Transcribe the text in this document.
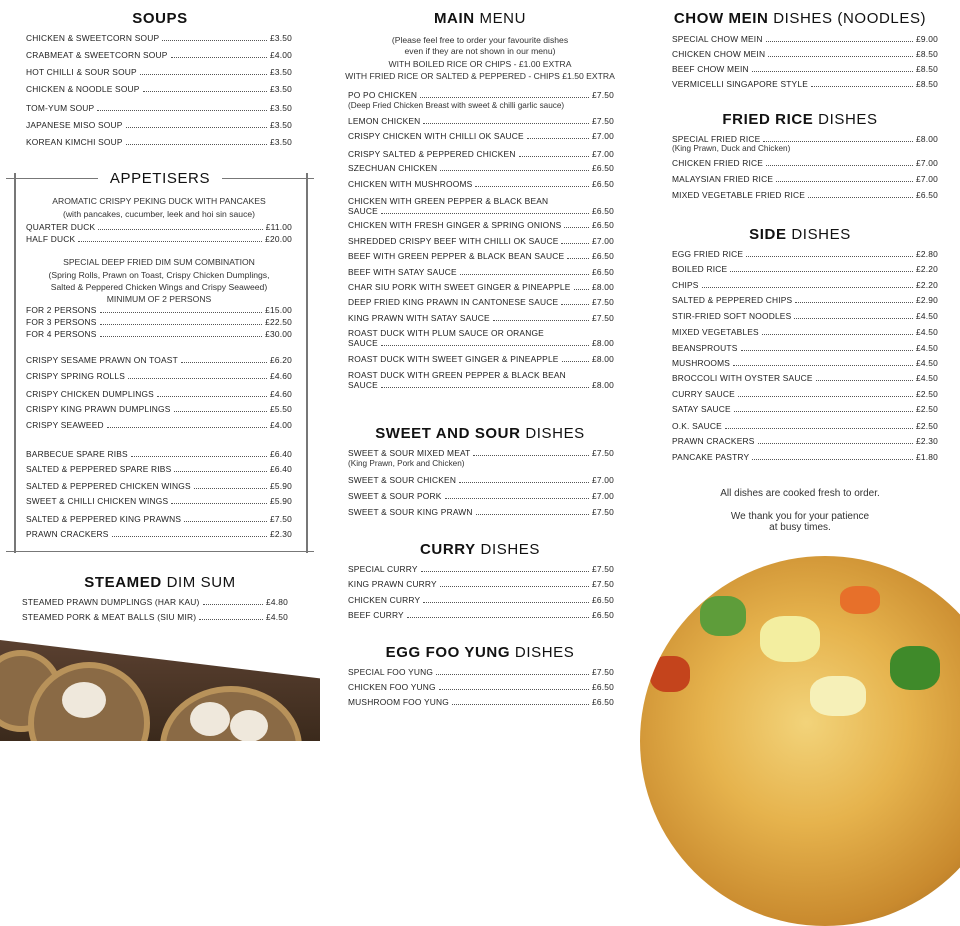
SOUPS
CHICKEN & SWEETCORN SOUP	£3.50
CRABMEAT & SWEETCORN SOUP	£4.00
HOT CHILLI & SOUR SOUP	£3.50
CHICKEN & NOODLE SOUP	£3.50
TOM-YUM SOUP	£3.50
JAPANESE MISO SOUP	£3.50
KOREAN KIMCHI SOUP	£3.50
APPETISERS
AROMATIC CRISPY PEKING DUCK WITH PANCAKES
(with pancakes, cucumber, leek and hoi sin sauce)
QUARTER DUCK	£11.00
HALF DUCK	£20.00
SPECIAL DEEP FRIED DIM SUM COMBINATION
(Spring Rolls, Prawn on Toast, Crispy Chicken Dumplings,
Salted & Peppered Chicken Wings and Crispy Seaweed)
MINIMUM OF 2 PERSONS
FOR 2 PERSONS	£15.00
FOR 3 PERSONS	£22.50
FOR 4 PERSONS	£30.00
CRISPY SESAME PRAWN ON TOAST	£6.20
CRISPY SPRING ROLLS	£4.60
CRISPY CHICKEN DUMPLINGS	£4.60
CRISPY KING PRAWN DUMPLINGS	£5.50
CRISPY SEAWEED	£4.00
BARBECUE SPARE RIBS	£6.40
SALTED & PEPPERED SPARE RIBS	£6.40
SALTED & PEPPERED CHICKEN WINGS	£5.90
SWEET & CHILLI CHICKEN WINGS	£5.90
SALTED & PEPPERED KING PRAWNS	£7.50
PRAWN CRACKERS	£2.30
STEAMED DIM SUM
STEAMED PRAWN DUMPLINGS (HAR KAU)	£4.80
STEAMED PORK & MEAT BALLS (SIU MIR)	£4.50
MAIN MENU
(Please feel free to order your favourite dishes
even if they are not shown in our menu)
WITH BOILED RICE OR CHIPS - £1.00 EXTRA
WITH FRIED RICE OR SALTED & PEPPERED - CHIPS £1.50 EXTRA
PO PO CHICKEN	£7.50
(Deep Fried Chicken Breast with sweet & chilli garlic sauce)
LEMON CHICKEN	£7.50
CRISPY CHICKEN WITH CHILLI OK SAUCE	£7.00
CRISPY SALTED & PEPPERED CHICKEN	£7.00
SZECHUAN CHICKEN	£6.50
CHICKEN WITH MUSHROOMS	£6.50
CHICKEN WITH GREEN PEPPER & BLACK BEAN
SAUCE	£6.50
CHICKEN WITH FRESH GINGER & SPRING ONIONS	£6.50
SHREDDED CRISPY BEEF WITH CHILLI OK SAUCE	£7.00
BEEF WITH GREEN PEPPER & BLACK BEAN SAUCE	£6.50
BEEF WITH SATAY SAUCE	£6.50
CHAR SIU PORK WITH SWEET GINGER & PINEAPPLE	£8.00
DEEP FRIED KING PRAWN IN CANTONESE SAUCE	£7.50
KING PRAWN WITH SATAY SAUCE	£7.50
ROAST DUCK WITH PLUM SAUCE OR ORANGE
SAUCE	£8.00
ROAST DUCK WITH SWEET GINGER & PINEAPPLE	£8.00
ROAST DUCK WITH GREEN PEPPER & BLACK BEAN
SAUCE	£8.00
SWEET AND SOUR DISHES
SWEET & SOUR MIXED MEAT	£7.50
(King Prawn, Pork and Chicken)
SWEET & SOUR CHICKEN	£7.00
SWEET & SOUR PORK	£7.00
SWEET & SOUR KING PRAWN	£7.50
CURRY DISHES
SPECIAL CURRY	£7.50
KING PRAWN CURRY	£7.50
CHICKEN CURRY	£6.50
BEEF CURRY	£6.50
EGG FOO YUNG DISHES
SPECIAL FOO YUNG	£7.50
CHICKEN FOO YUNG	£6.50
MUSHROOM FOO YUNG	£6.50
CHOW MEIN DISHES (NOODLES)
SPECIAL CHOW MEIN	£9.00
CHICKEN CHOW MEIN	£8.50
BEEF CHOW MEIN	£8.50
VERMICELLI SINGAPORE STYLE	£8.50
FRIED RICE DISHES
SPECIAL FRIED RICE	£8.00
(King Prawn, Duck and Chicken)
CHICKEN FRIED RICE	£7.00
MALAYSIAN FRIED RICE	£7.00
MIXED VEGETABLE FRIED RICE	£6.50
SIDE DISHES
EGG FRIED RICE	£2.80
BOILED RICE	£2.20
CHIPS	£2.20
SALTED & PEPPERED CHIPS	£2.90
STIR-FRIED SOFT NOODLES	£4.50
MIXED VEGETABLES	£4.50
BEANSPROUTS	£4.50
MUSHROOMS	£4.50
BROCCOLI WITH OYSTER SAUCE	£4.50
CURRY SAUCE	£2.50
SATAY SAUCE	£2.50
O.K. SAUCE	£2.50
PRAWN CRACKERS	£2.30
PANCAKE PASTRY	£1.80
All dishes are cooked fresh to order.
We thank you for your patience
at busy times.
